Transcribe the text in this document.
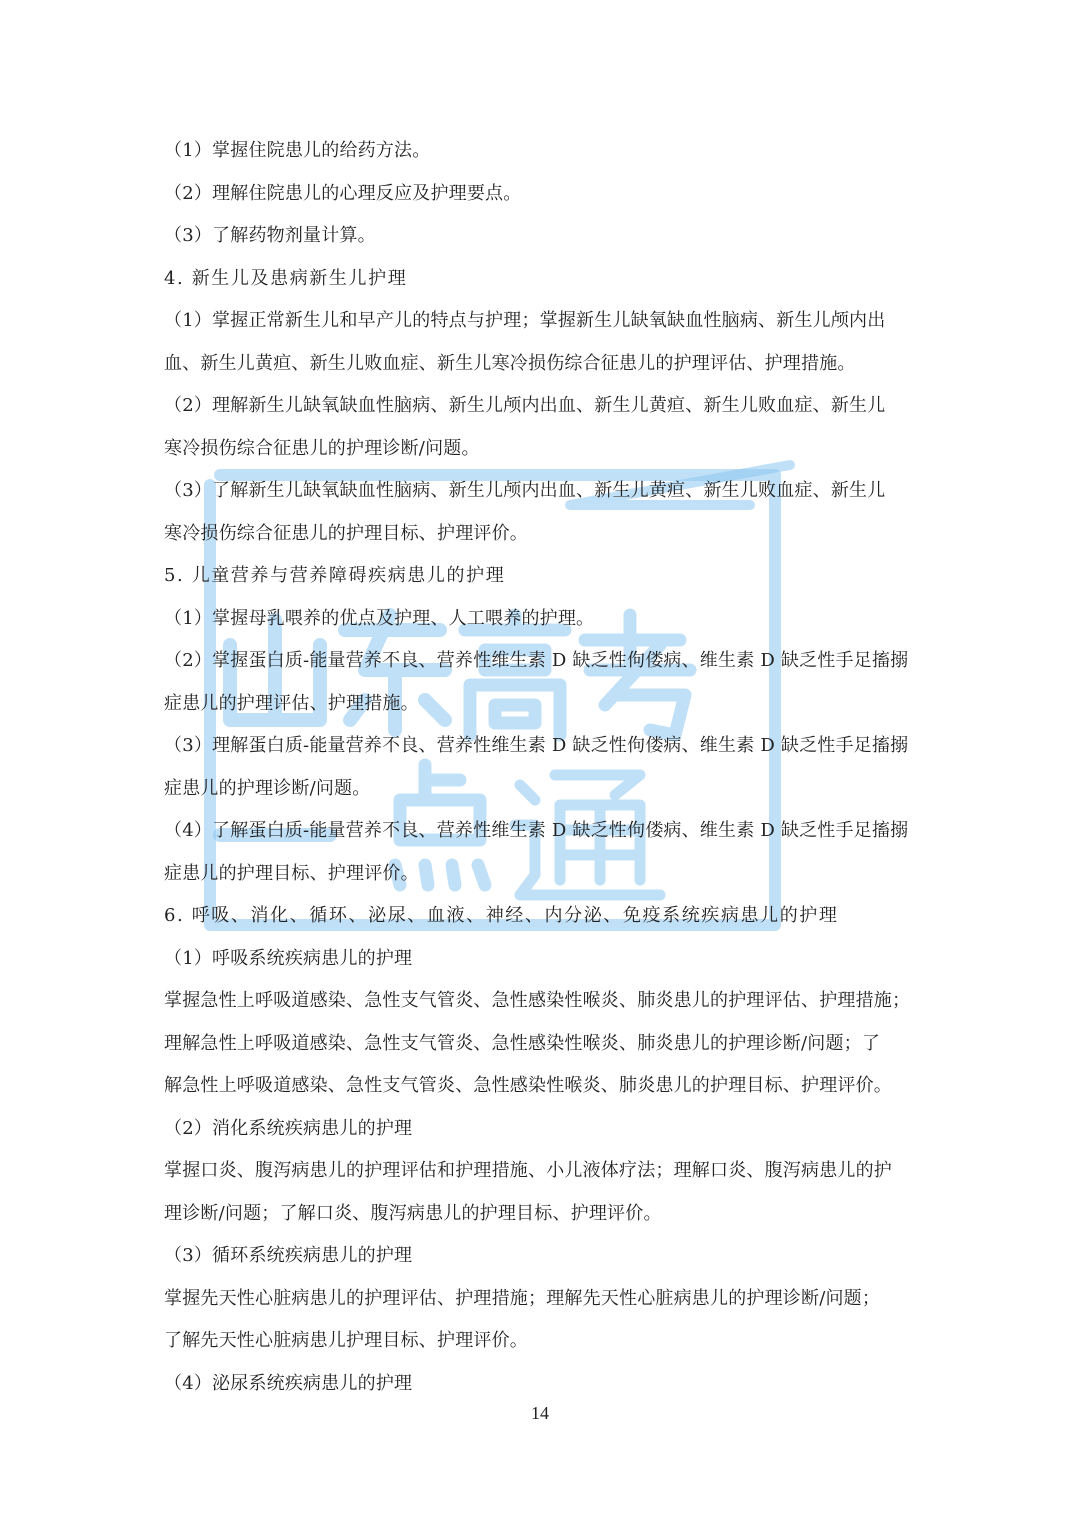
（1）掌握住院患儿的给药方法。
（2）理解住院患儿的心理反应及护理要点。
（3）了解药物剂量计算。
4. 新生儿及患病新生儿护理
（1）掌握正常新生儿和早产儿的特点与护理；掌握新生儿缺氧缺血性脑病、新生儿颅内出
血、新生儿黄疸、新生儿败血症、新生儿寒冷损伤综合征患儿的护理评估、护理措施。
（2）理解新生儿缺氧缺血性脑病、新生儿颅内出血、新生儿黄疸、新生儿败血症、新生儿
寒冷损伤综合征患儿的护理诊断/问题。
（3）了解新生儿缺氧缺血性脑病、新生儿颅内出血、新生儿黄疸、新生儿败血症、新生儿
寒冷损伤综合征患儿的护理目标、护理评价。
5. 儿童营养与营养障碍疾病患儿的护理
（1）掌握母乳喂养的优点及护理、人工喂养的护理。
（2）掌握蛋白质-能量营养不良、营养性维生素 D 缺乏性佝偻病、维生素 D 缺乏性手足搐搦
症患儿的护理评估、护理措施。
（3）理解蛋白质-能量营养不良、营养性维生素 D 缺乏性佝偻病、维生素 D 缺乏性手足搐搦
症患儿的护理诊断/问题。
（4）了解蛋白质-能量营养不良、营养性维生素 D 缺乏性佝偻病、维生素 D 缺乏性手足搐搦
症患儿的护理目标、护理评价。
6. 呼吸、消化、循环、泌尿、血液、神经、内分泌、免疫系统疾病患儿的护理
（1）呼吸系统疾病患儿的护理
掌握急性上呼吸道感染、急性支气管炎、急性感染性喉炎、肺炎患儿的护理评估、护理措施；
理解急性上呼吸道感染、急性支气管炎、急性感染性喉炎、肺炎患儿的护理诊断/问题；了
解急性上呼吸道感染、急性支气管炎、急性感染性喉炎、肺炎患儿的护理目标、护理评价。
（2）消化系统疾病患儿的护理
掌握口炎、腹泻病患儿的护理评估和护理措施、小儿液体疗法；理解口炎、腹泻病患儿的护
理诊断/问题；了解口炎、腹泻病患儿的护理目标、护理评价。
（3）循环系统疾病患儿的护理
掌握先天性心脏病患儿的护理评估、护理措施；理解先天性心脏病患儿的护理诊断/问题；
了解先天性心脏病患儿护理目标、护理评价。
（4）泌尿系统疾病患儿的护理
14
